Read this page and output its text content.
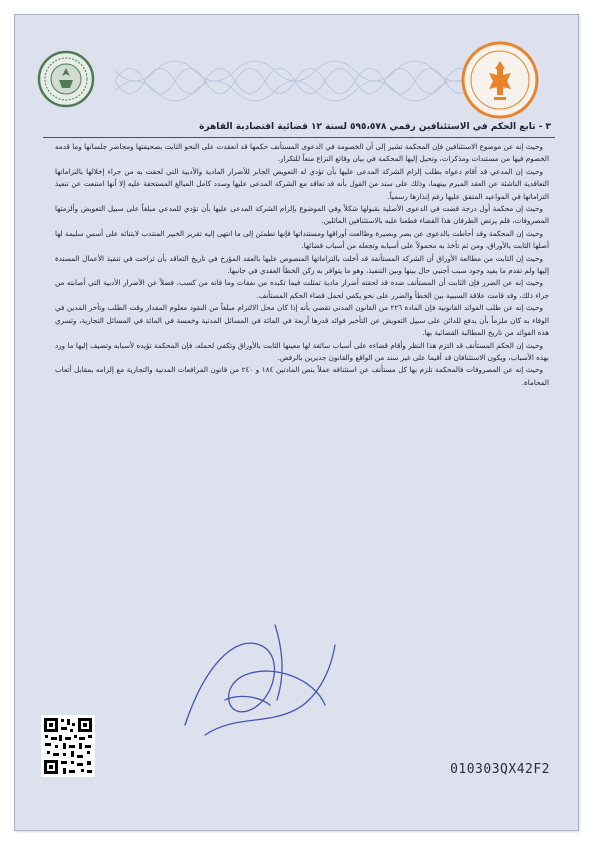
٣ - تابع الحكم في الاستئنافين رقمي ٥٩٥،٥٧٨ لسنة ١٢ قضائية اقتصادية القاهرة

وحيث إنه عن موضوع الاستئنافين فإن المحكمة تشير إلى أن الخصومة في الدعوى المستأنف حكمها قد انعقدت على النحو الثابت بصحيفتها ومحاضر جلساتها وما قدمه الخصوم فيها من مستندات ومذكرات، وتحيل إليها المحكمة في بيان وقائع النزاع منعاً للتكرار.

وحيث إن المدعي قد أقام دعواه بطلب إلزام الشركة المدعى عليها بأن تؤدي له التعويض الجابر للأضرار المادية والأدبية التي لحقت به من جراء إخلالها بالتزاماتها التعاقدية الناشئة عن العقد المبرم بينهما، وذلك على سند من القول بأنه قد تعاقد مع الشركة المدعى عليها وسدد كامل المبالغ المستحقة عليه إلا أنها امتنعت عن تنفيذ التزاماتها في المواعيد المتفق عليها رغم إنذارها رسمياً.

وحيث إن محكمة أول درجة قضت في الدعوى الأصلية بقبولها شكلاً وفي الموضوع بإلزام الشركة المدعى عليها بأن تؤدي للمدعي مبلغاً على سبيل التعويض وألزمتها المصروفات، فلم يرتض الطرفان هذا القضاء فطعنا عليه بالاستئنافين الماثلين.

وحيث إن المحكمة وقد أحاطت بالدعوى عن بصر وبصيرة وطالعت أوراقها ومستنداتها فإنها تطمئن إلى ما انتهى إليه تقرير الخبير المنتدب لابتنائه على أسس سليمة لها أصلها الثابت بالأوراق، ومن ثم تأخذ به محمولاً على أسبابه وتجعله من أسباب قضائها.

وحيث إن الثابت من مطالعة الأوراق أن الشركة المستأنفة قد أخلت بالتزاماتها المنصوص عليها بالعقد المؤرخ في تاريخ التعاقد بأن تراخت في تنفيذ الأعمال المسندة إليها ولم تقدم ما يفيد وجود سبب أجنبي حال بينها وبين التنفيذ، وهو ما يتوافر به ركن الخطأ العقدي في جانبها.

وحيث إنه عن الضرر فإن الثابت أن المستأنف ضده قد لحقته أضرار مادية تمثلت فيما تكبده من نفقات وما فاته من كسب، فضلاً عن الأضرار الأدبية التي أصابته من جراء ذلك، وقد قامت علاقة السببية بين الخطأ والضرر على نحو يكفي لحمل قضاء الحكم المستأنف.

وحيث إنه عن طلب الفوائد القانونية فإن المادة ٢٢٦ من القانون المدني تقضي بأنه إذا كان محل الالتزام مبلغاً من النقود معلوم المقدار وقت الطلب وتأخر المدين في الوفاء به كان ملزماً بأن يدفع للدائن على سبيل التعويض عن التأخير فوائد قدرها أربعة في المائة في المسائل المدنية وخمسة في المائة في المسائل التجارية، وتسري هذه الفوائد من تاريخ المطالبة القضائية بها.

وحيث إن الحكم المستأنف قد التزم هذا النظر وأقام قضاءه على أسباب سائغة لها معينها الثابت بالأوراق وتكفي لحمله، فإن المحكمة تؤيده لأسبابه وتضيف إليها ما ورد بهذه الأسباب، ويكون الاستئنافان قد أقيما على غير سند من الواقع والقانون جديرين بالرفض.

وحيث إنه عن المصروفات فالمحكمة تلزم بها كل مستأنف عن استئنافه عملاً بنص المادتين ١٨٤ و ٢٤٠ من قانون المرافعات المدنية والتجارية مع إلزامه بمقابل أتعاب المحاماة.

010303QX42F2
